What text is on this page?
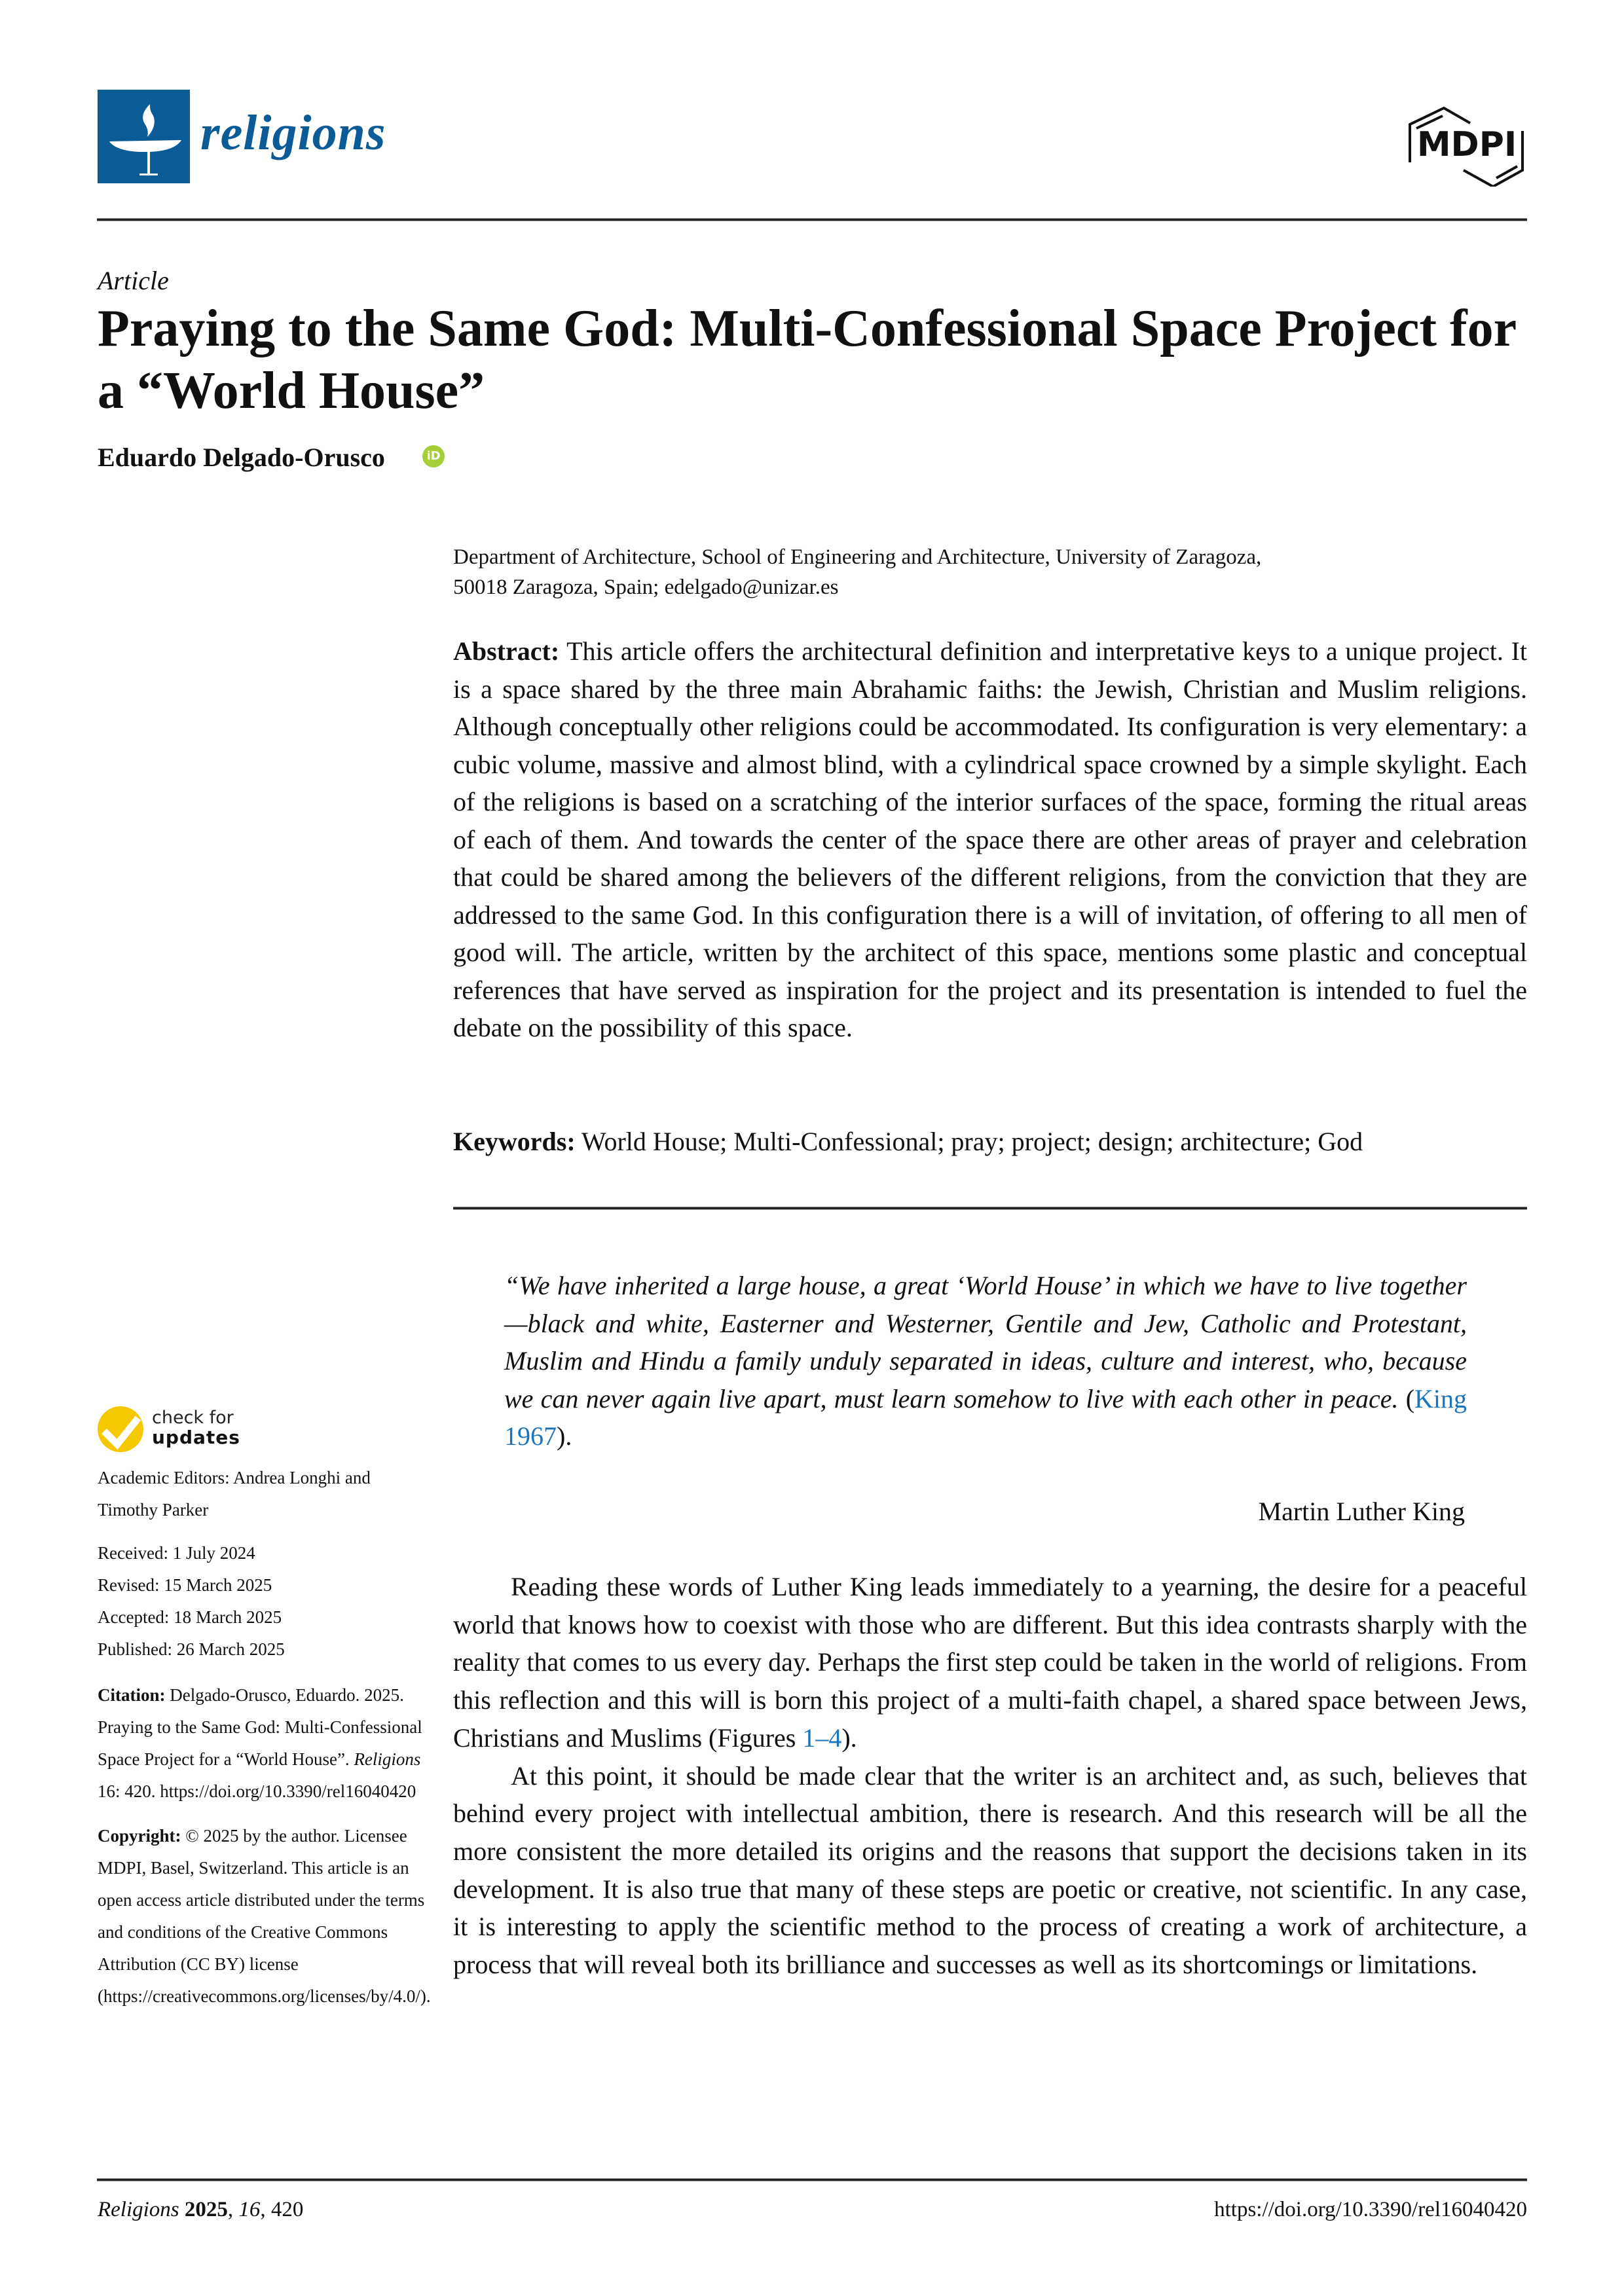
religions	MDPI
Article
Praying to the Same God: Multi-Confessional Space Project for a “World House”
Eduardo Delgado-Orusco	iD
Department of Architecture, School of Engineering and Architecture, University of Zaragoza,
50018 Zaragoza, Spain; edelgado@unizar.es
Abstract: This article offers the architectural definition and interpretative keys to a unique project. It is a space shared by the three main Abrahamic faiths: the Jewish, Christian and Muslim religions. Although conceptually other religions could be accommodated. Its configuration is very elementary: a cubic volume, massive and almost blind, with a cylindrical space crowned by a simple skylight. Each of the religions is based on a scratching of the interior surfaces of the space, forming the ritual areas of each of them. And towards the center of the space there are other areas of prayer and celebration that could be shared among the believers of the different religions, from the conviction that they are addressed to the same God. In this configuration there is a will of invitation, of offering to all men of good will. The article, written by the architect of this space, mentions some plastic and conceptual references that have served as inspiration for the project and its presentation is intended to fuel the debate on the possibility of this space.
Keywords: World House; Multi-Confessional; pray; project; design; architecture; God
“We have inherited a large house, a great ‘World House’ in which we have to live together—black and white, Easterner and Westerner, Gentile and Jew, Catholic and Protestant, Muslim and Hindu a family unduly separated in ideas, culture and interest, who, because we can never again live apart, must learn somehow to live with each other in peace. (King 1967).
Martin Luther King

Reading these words of Luther King leads immediately to a yearning, the desire for a peaceful world that knows how to coexist with those who are different. But this idea contrasts sharply with the reality that comes to us every day. Perhaps the first step could be taken in the world of religions. From this reflection and this will is born this project of a multi-faith chapel, a shared space between Jews, Christians and Muslims (Figures 1–4).

At this point, it should be made clear that the writer is an architect and, as such, believes that behind every project with intellectual ambition, there is research. And this research will be all the more consistent the more detailed its origins and the reasons that support the decisions taken in its development. It is also true that many of these steps are poetic or creative, not scientific. In any case, it is interesting to apply the scientific method to the process of creating a work of architecture, a process that will reveal both its brilliance and successes as well as its shortcomings or limitations.

check for
updates
Academic Editors: Andrea Longhi and Timothy Parker
Received: 1 July 2024
Revised: 15 March 2025
Accepted: 18 March 2025
Published: 26 March 2025
Citation: Delgado-Orusco, Eduardo. 2025. Praying to the Same God: Multi-Confessional Space Project for a “World House”. Religions 16: 420. https://doi.org/10.3390/rel16040420
Copyright: © 2025 by the author. Licensee MDPI, Basel, Switzerland. This article is an open access article distributed under the terms and conditions of the Creative Commons Attribution (CC BY) license (https://creativecommons.org/licenses/by/4.0/).
Religions 2025, 16, 420	https://doi.org/10.3390/rel16040420
